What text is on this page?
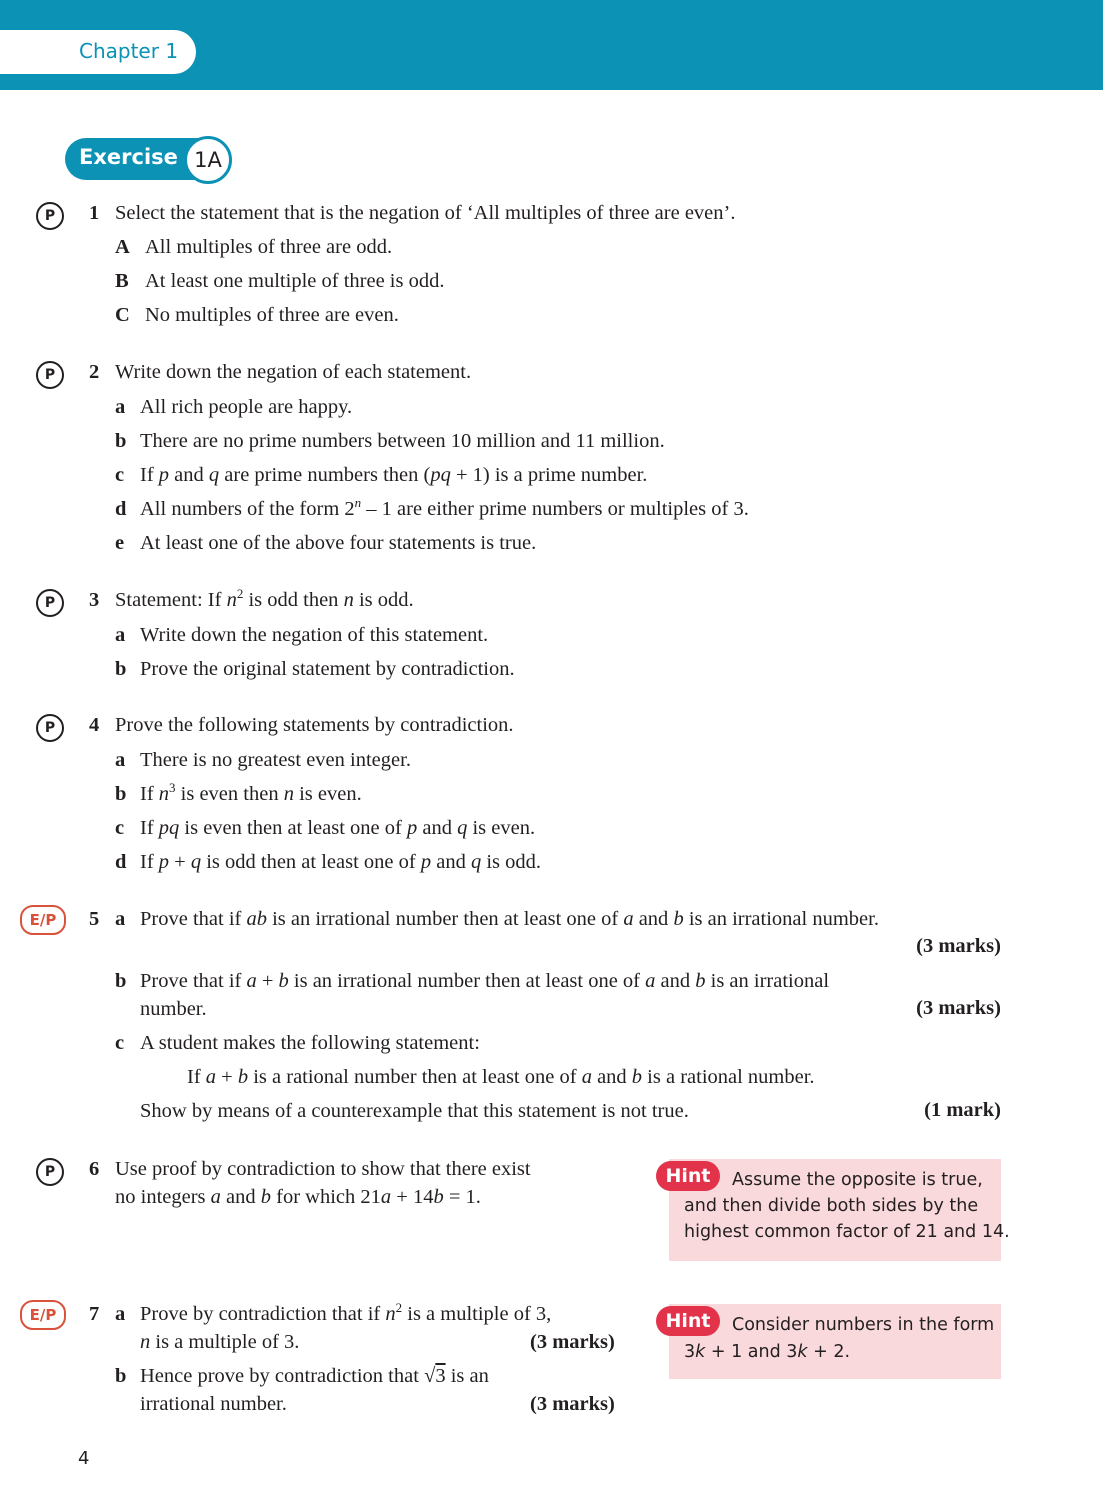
Chapter 1
Exercise 1A
P	1 Select the statement that is the negation of ‘All multiples of three are even’.
A All multiples of three are odd.
B At least one multiple of three is odd.
C No multiples of three are even.
P	2 Write down the negation of each statement.
a All rich people are happy.
b There are no prime numbers between 10 million and 11 million.
c If p and q are prime numbers then (pq + 1) is a prime number.
d All numbers of the form 2$^n$ – 1 are either prime numbers or multiples of 3.
e At least one of the above four statements is true.
P	3 Statement: If $n^2$ is odd then n is odd.
a Write down the negation of this statement.
b Prove the original statement by contradiction.
P	4 Prove the following statements by contradiction.
a There is no greatest even integer.
b If $n^3$ is even then n is even.
c If pq is even then at least one of p and q is even.
d If p + q is odd then at least one of p and q is odd.
E/P	5 a Prove that if ab is an irrational number then at least one of a and b is an irrational number.
(3 marks)
b Prove that if a + b is an irrational number then at least one of a and b is an irrational
number.	(3 marks)
c A student makes the following statement:
If a + b is a rational number then at least one of a and b is a rational number.
Show by means of a counterexample that this statement is not true.	(1 mark)
P	6 Use proof by contradiction to show that there exist
no integers a and b for which 21a + 14b = 1.
Hint	Assume the opposite is true,
and then divide both sides by the
highest common factor of 21 and 14.
E/P	7 a Prove by contradiction that if $n^2$ is a multiple of 3,
n is a multiple of 3.	(3 marks)
b Hence prove by contradiction that √3 is an
irrational number.	(3 marks)
Hint	Consider numbers in the form
3k + 1 and 3k + 2.
4
